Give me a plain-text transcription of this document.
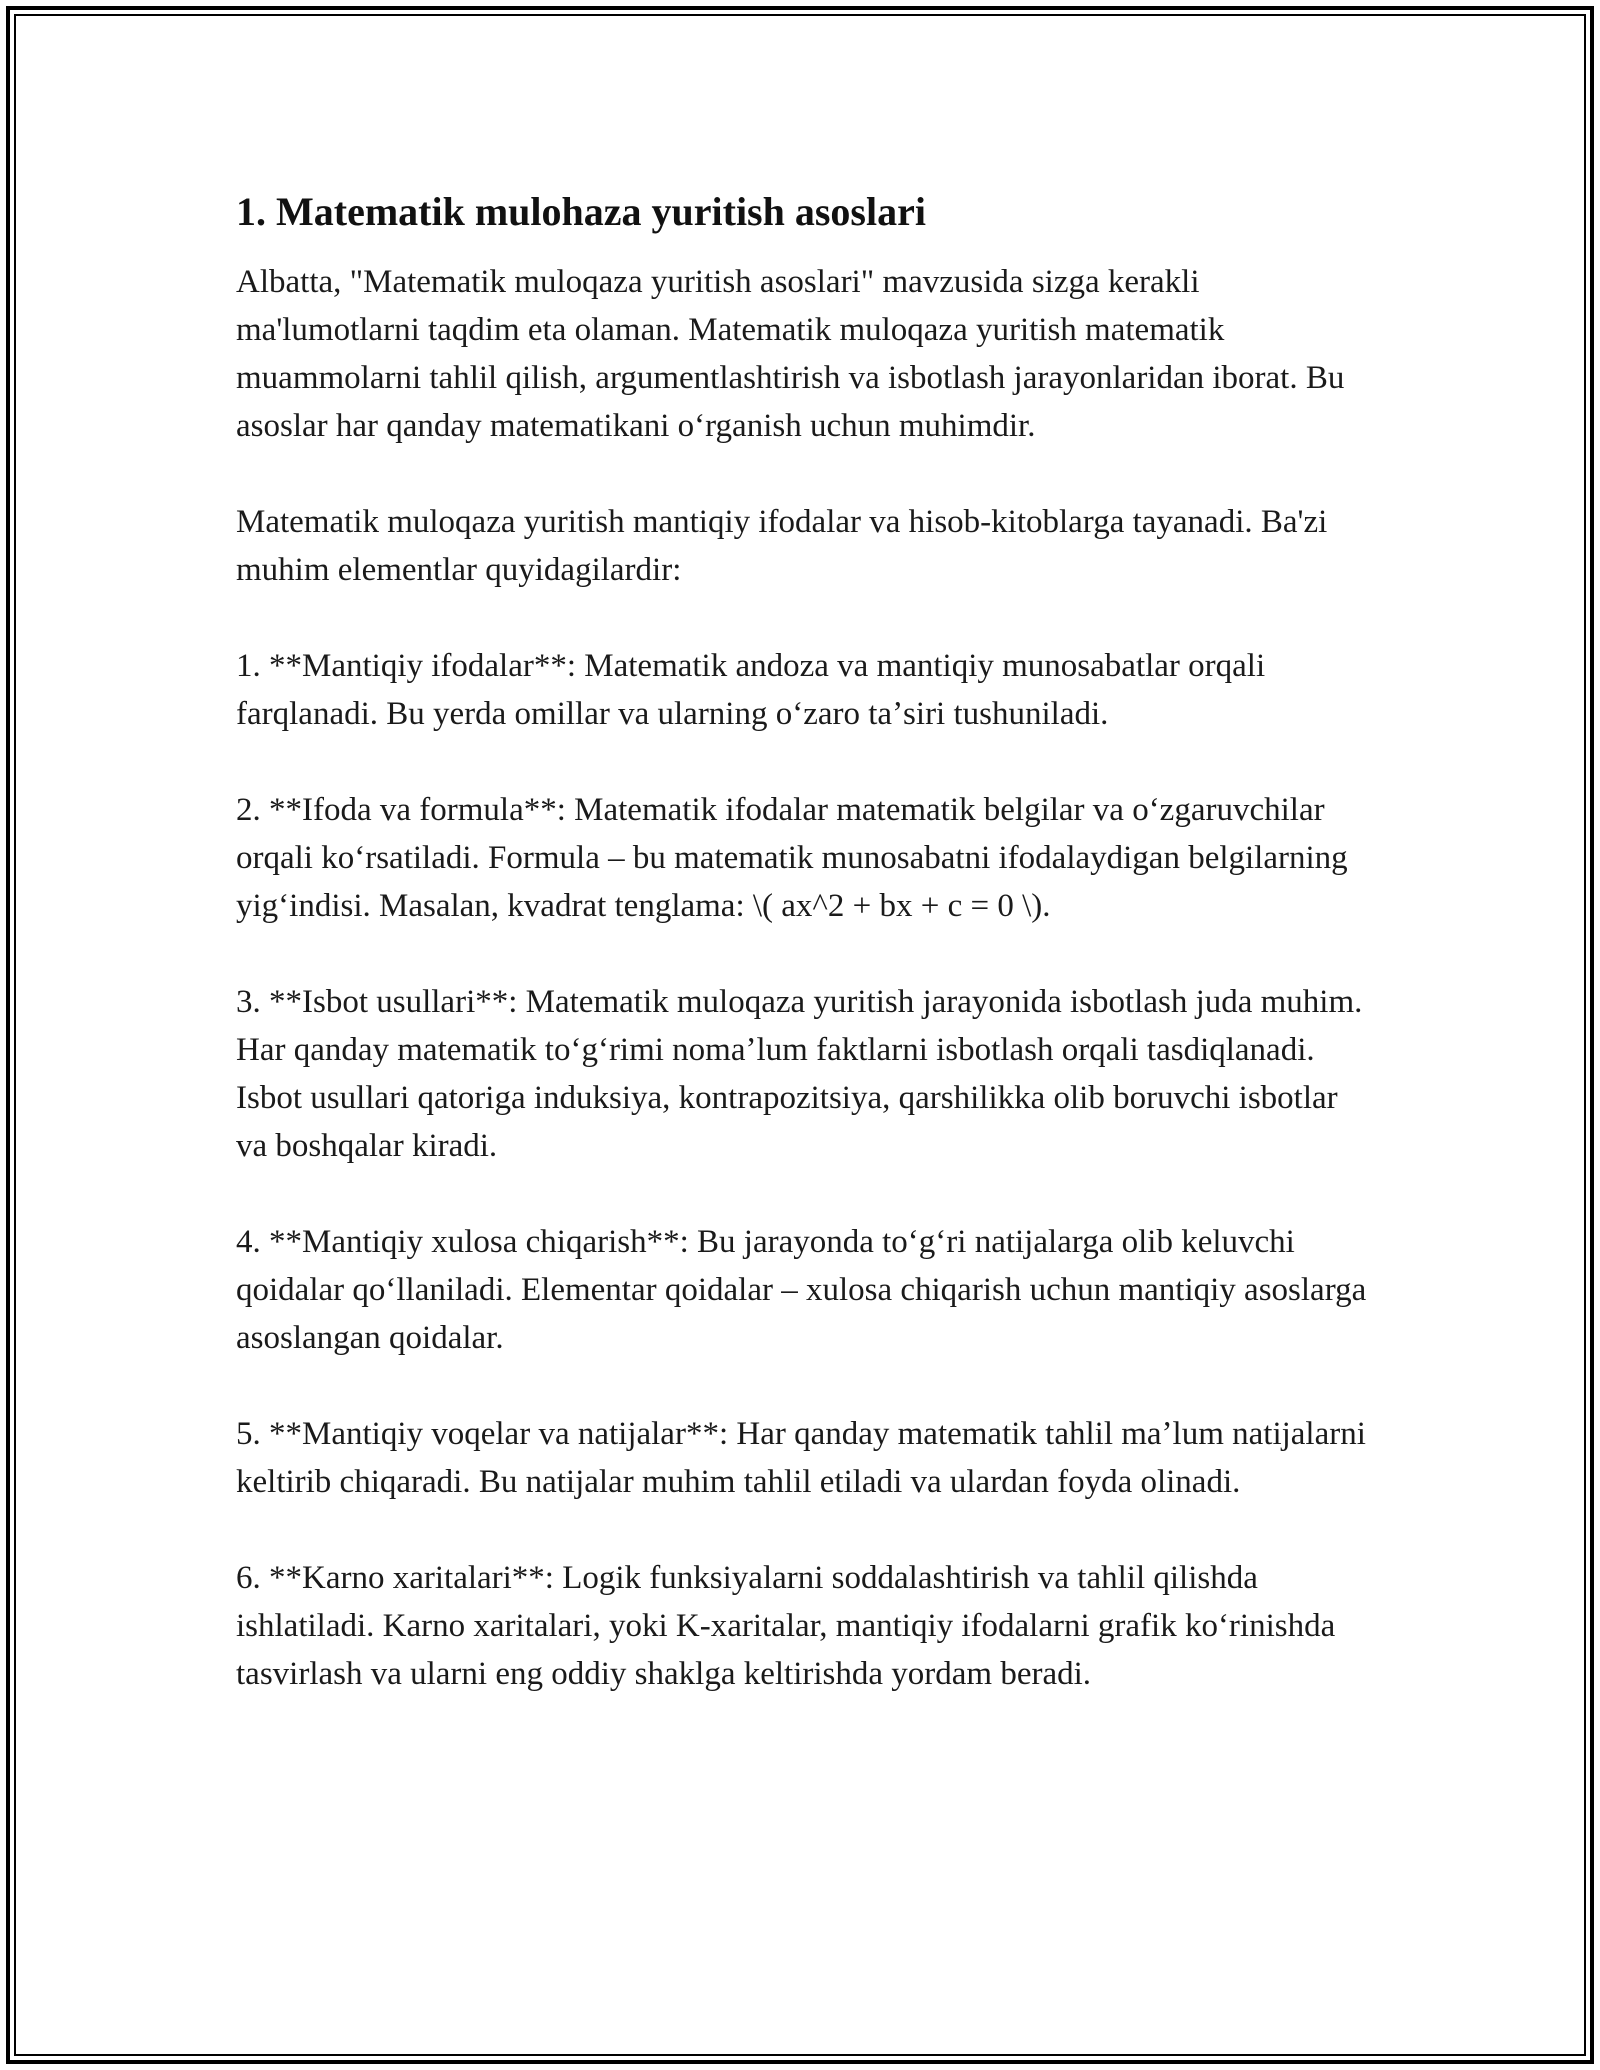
1. Matematik mulohaza yuritish asoslari

Albatta, "Matematik muloqaza yuritish asoslari" mavzusida sizga kerakli ma'lumotlarni taqdim eta olaman. Matematik muloqaza yuritish matematik muammolarni tahlil qilish, argumentlashtirish va isbotlash jarayonlaridan iborat. Bu asoslar har qanday matematikani oʻrganish uchun muhimdir.

Matematik muloqaza yuritish mantiqiy ifodalar va hisob-kitoblarga tayanadi. Ba'zi muhim elementlar quyidagilardir:

1. **Mantiqiy ifodalar**: Matematik andoza va mantiqiy munosabatlar orqali farqlanadi. Bu yerda omillar va ularning oʻzaro taʼsiri tushuniladi.

2. **Ifoda va formula**: Matematik ifodalar matematik belgilar va oʻzgaruvchilar orqali koʻrsatiladi. Formula – bu matematik munosabatni ifodalaydigan belgilarning yigʻindisi. Masalan, kvadrat tenglama: \( ax^2 + bx + c = 0 \).

3. **Isbot usullari**: Matematik muloqaza yuritish jarayonida isbotlash juda muhim. Har qanday matematik toʻgʻrimi nomaʼlum faktlarni isbotlash orqali tasdiqlanadi. Isbot usullari qatoriga induksiya, kontrapozitsiya, qarshilikka olib boruvchi isbotlar va boshqalar kiradi.

4. **Mantiqiy xulosa chiqarish**: Bu jarayonda toʻgʻri natijalarga olib keluvchi qoidalar qoʻllaniladi. Elementar qoidalar – xulosa chiqarish uchun mantiqiy asoslarga asoslangan qoidalar.

5. **Mantiqiy voqelar va natijalar**: Har qanday matematik tahlil maʼlum natijalarni keltirib chiqaradi. Bu natijalar muhim tahlil etiladi va ulardan foyda olinadi.

6. **Karno xaritalari**: Logik funksiyalarni soddalashtirish va tahlil qilishda ishlatiladi. Karno xaritalari, yoki K-xaritalar, mantiqiy ifodalarni grafik koʻrinishda tasvirlash va ularni eng oddiy shaklga keltirishda yordam beradi.
